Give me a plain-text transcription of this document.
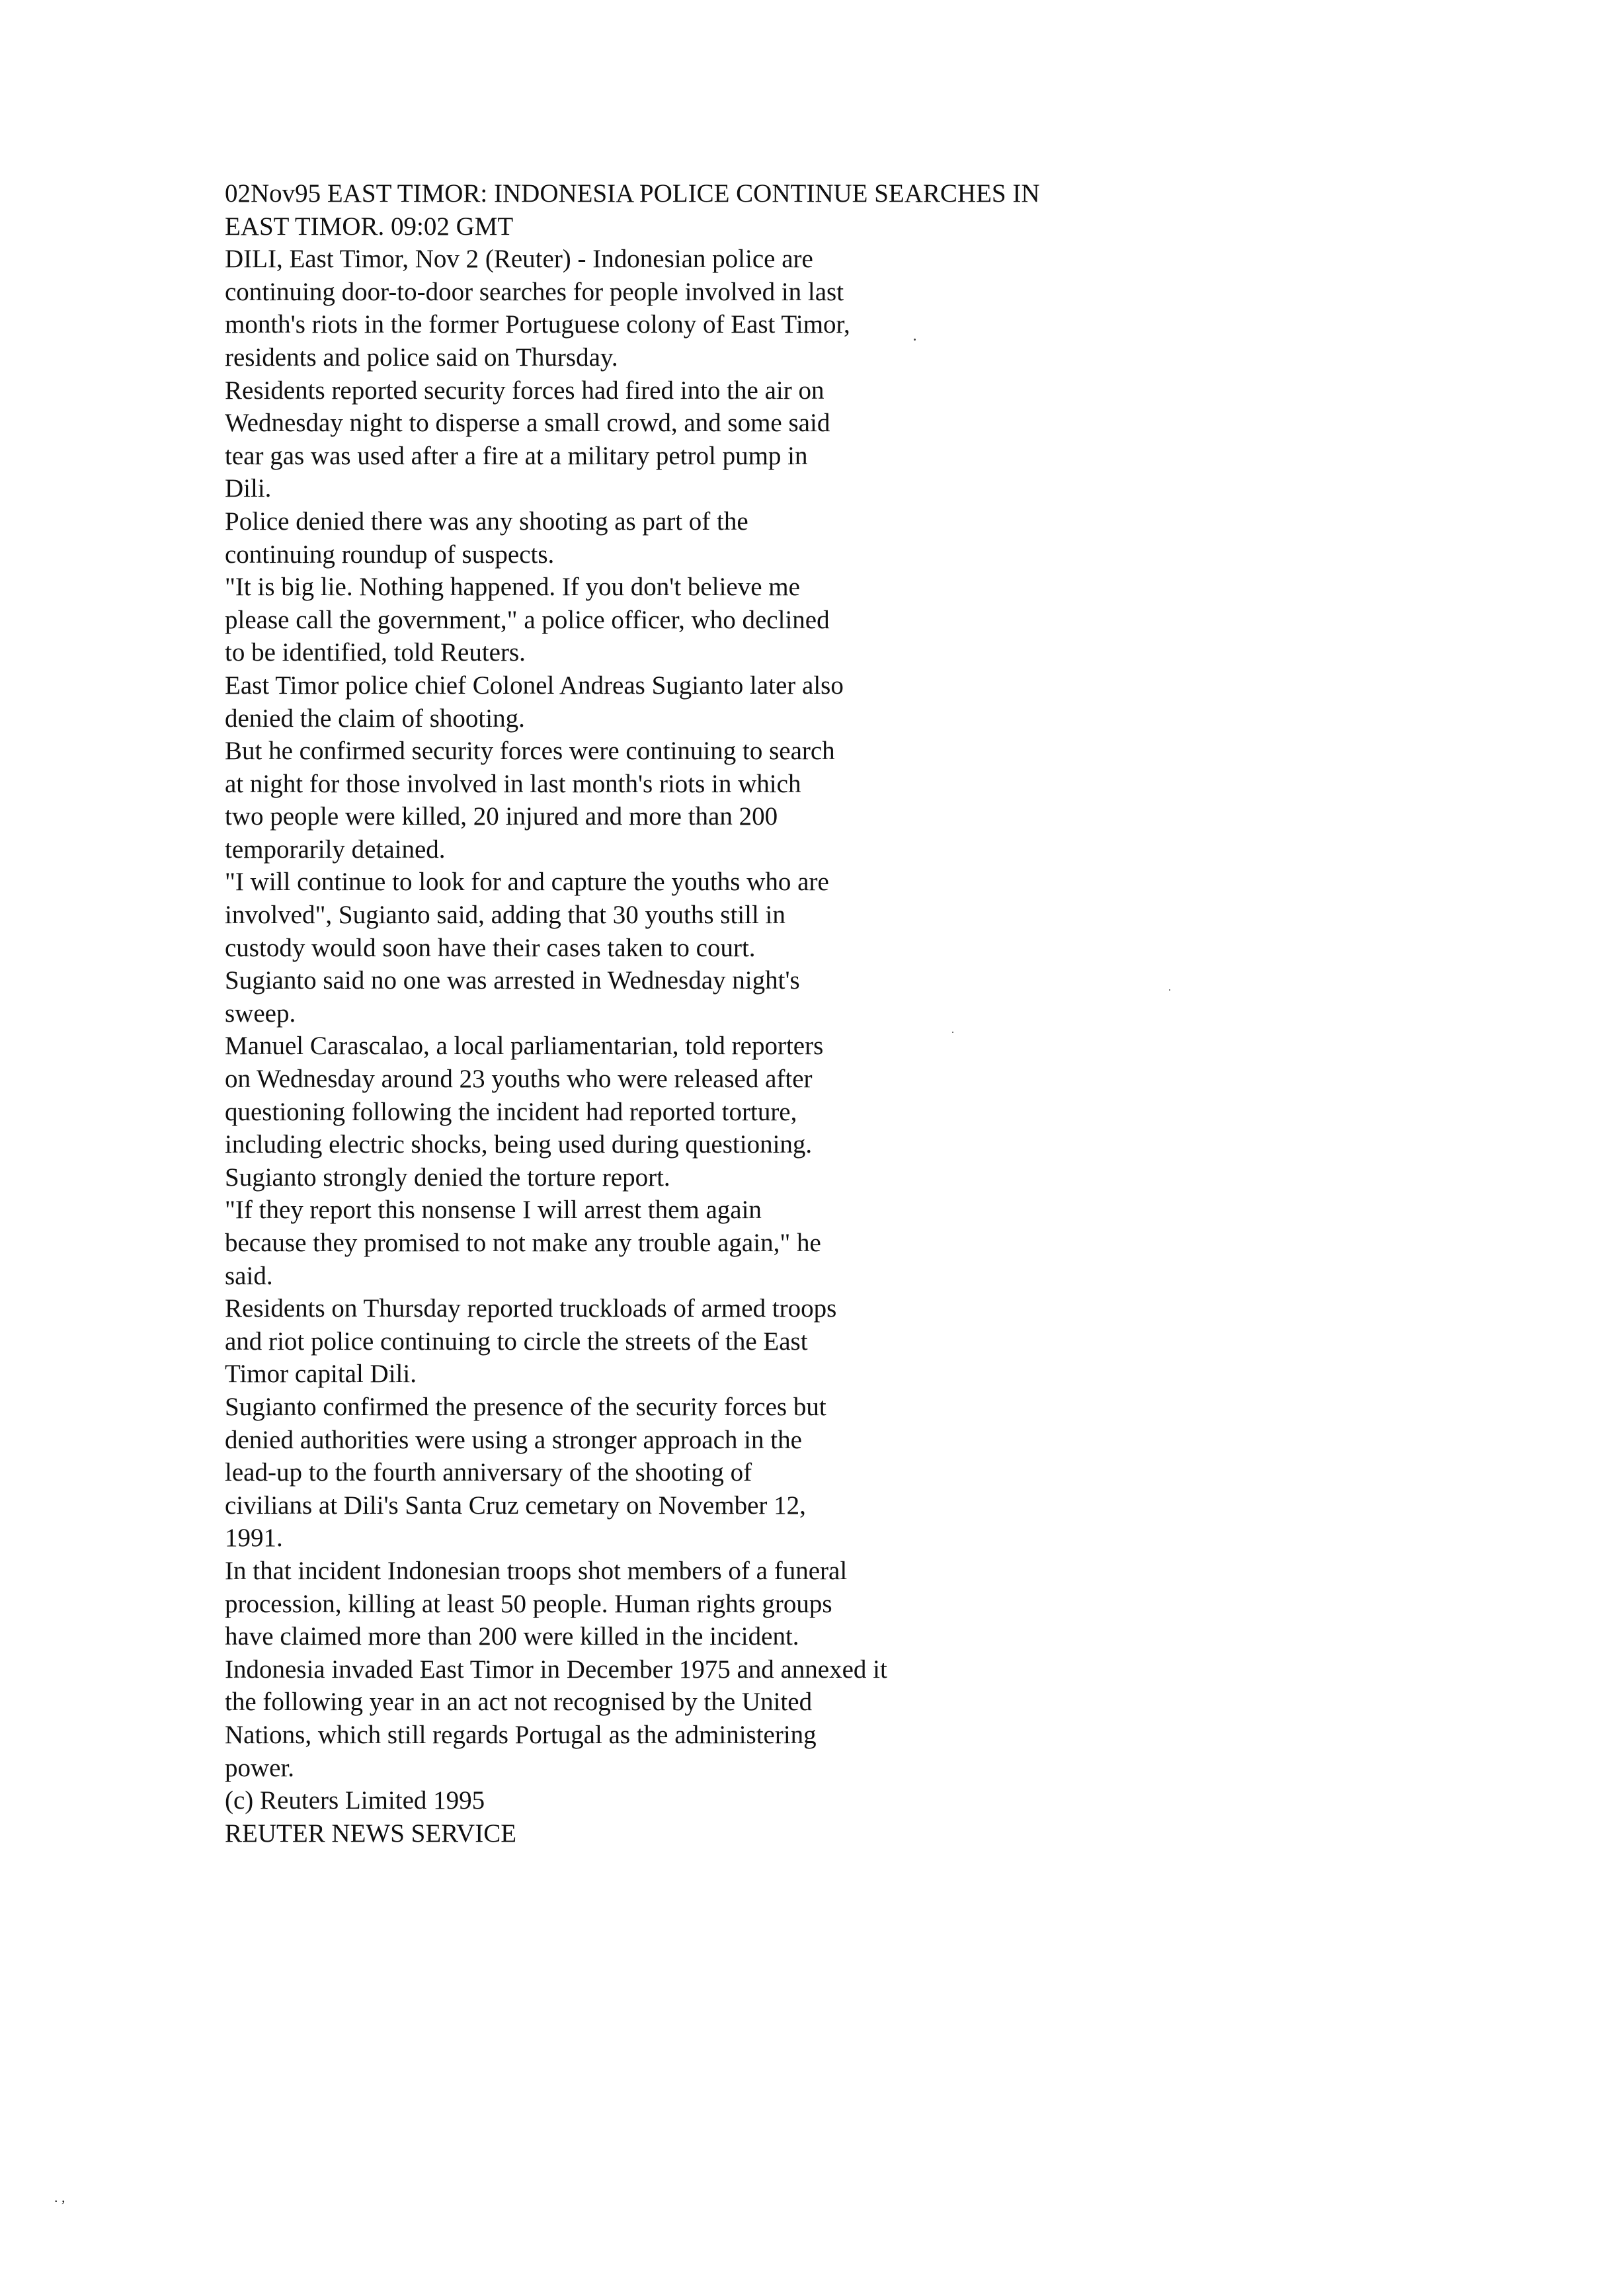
02Nov95 EAST TIMOR: INDONESIA POLICE CONTINUE SEARCHES IN
EAST TIMOR. 09:02 GMT
DILI, East Timor, Nov 2 (Reuter) - Indonesian police are
continuing door-to-door searches for people involved in last
month's riots in the former Portuguese colony of East Timor,
residents and police said on Thursday.
Residents reported security forces had fired into the air on
Wednesday night to disperse a small crowd, and some said
tear gas was used after a fire at a military petrol pump in
Dili.
Police denied there was any shooting as part of the
continuing roundup of suspects.
"It is big lie. Nothing happened. If you don't believe me
please call the government," a police officer, who declined
to be identified, told Reuters.
East Timor police chief Colonel Andreas Sugianto later also
denied the claim of shooting.
But he confirmed security forces were continuing to search
at night for those involved in last month's riots in which
two people were killed, 20 injured and more than 200
temporarily detained.
"I will continue to look for and capture the youths who are
involved", Sugianto said, adding that 30 youths still in
custody would soon have their cases taken to court.
Sugianto said no one was arrested in Wednesday night's
sweep.
Manuel Carascalao, a local parliamentarian, told reporters
on Wednesday around 23 youths who were released after
questioning following the incident had reported torture,
including electric shocks, being used during questioning.
Sugianto strongly denied the torture report.
"If they report this nonsense I will arrest them again
because they promised to not make any trouble again," he
said.
Residents on Thursday reported truckloads of armed troops
and riot police continuing to circle the streets of the East
Timor capital Dili.
Sugianto confirmed the presence of the security forces but
denied authorities were using a stronger approach in the
lead-up to the fourth anniversary of the shooting of
civilians at Dili's Santa Cruz cemetary on November 12,
1991.
In that incident Indonesian troops shot members of a funeral
procession, killing at least 50 people. Human rights groups
have claimed more than 200 were killed in the incident.
Indonesia invaded East Timor in December 1975 and annexed it
the following year in an act not recognised by the United
Nations, which still regards Portugal as the administering
power.
(c) Reuters Limited 1995
REUTER NEWS SERVICE
. ,
